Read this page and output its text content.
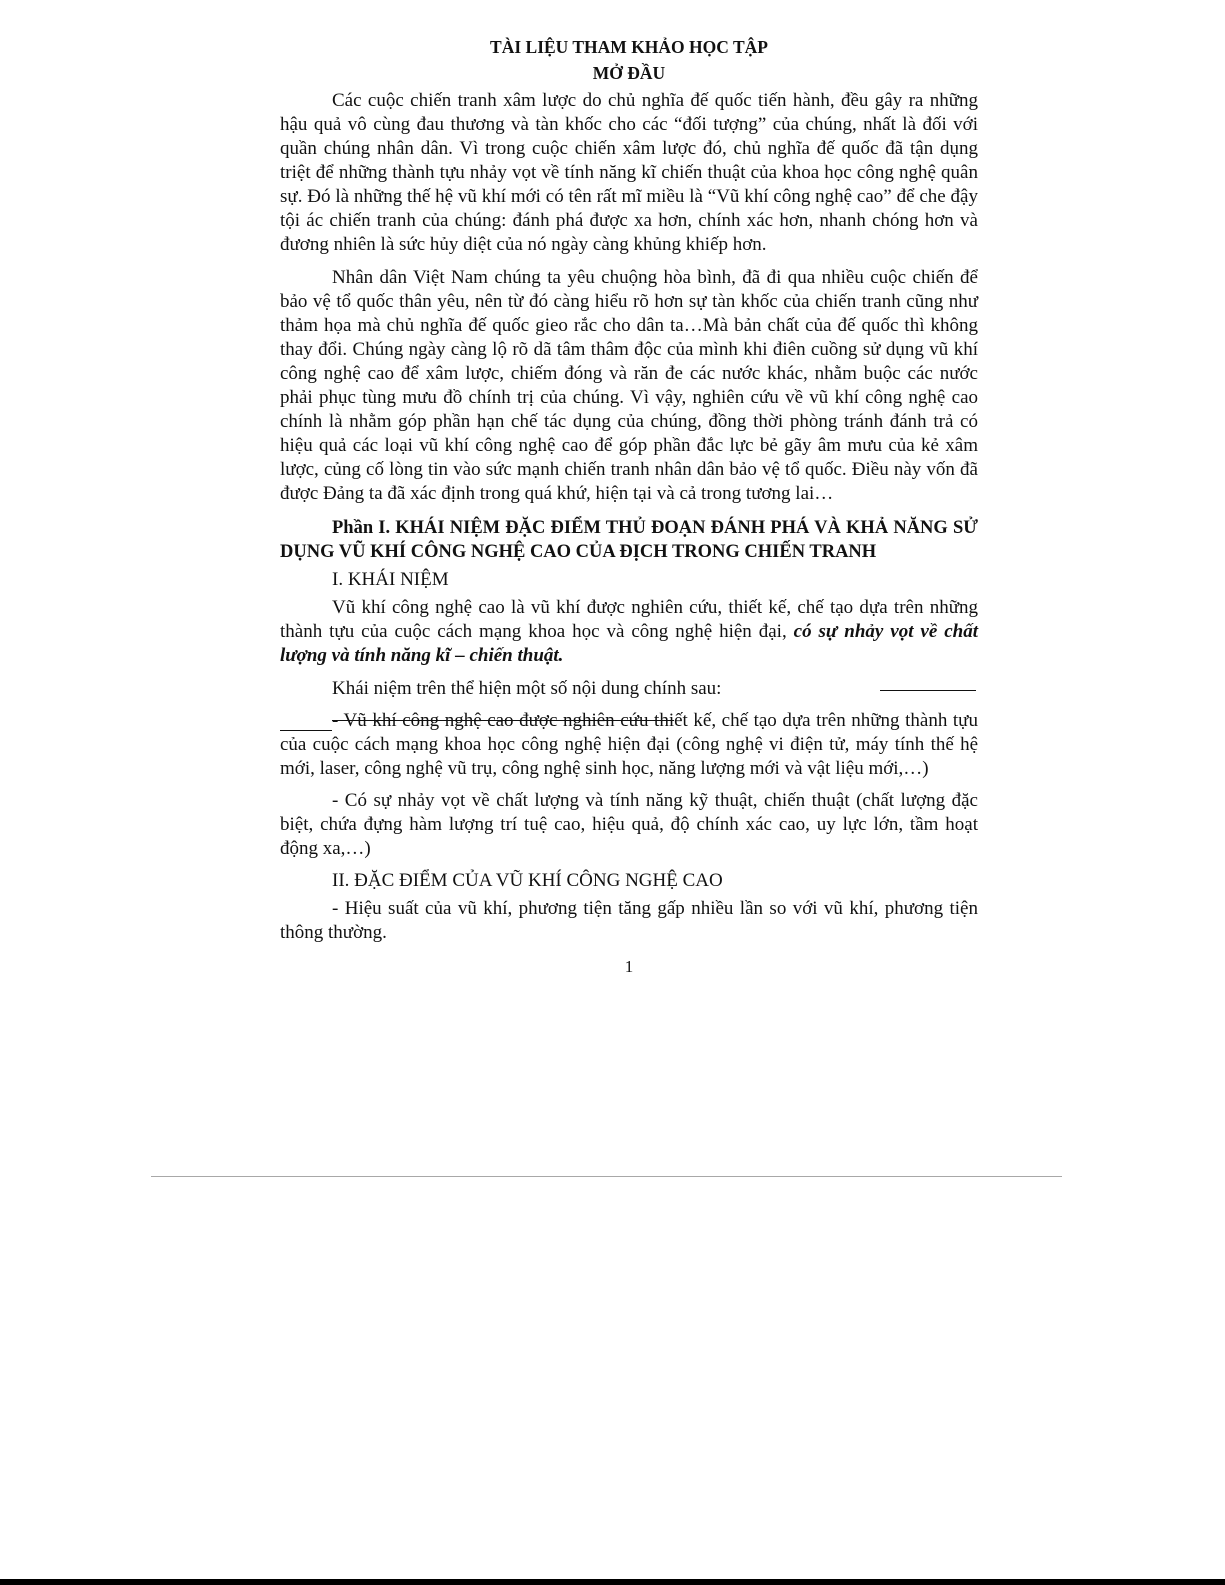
TÀI LIỆU THAM KHẢO HỌC TẬP
MỞ ĐẦU

Các cuộc chiến tranh xâm lược do chủ nghĩa đế quốc tiến hành, đều gây ra những hậu quả vô cùng đau thương và tàn khốc cho các “đối tượng” của chúng, nhất là đối với quần chúng nhân dân. Vì trong cuộc chiến xâm lược đó, chủ nghĩa đế quốc đã tận dụng triệt để những thành tựu nhảy vọt về tính năng kĩ chiến thuật của khoa học công nghệ quân sự. Đó là những thế hệ vũ khí mới có tên rất mĩ miều là “Vũ khí công nghệ cao” để che đậy tội ác chiến tranh của chúng: đánh phá được xa hơn, chính xác hơn, nhanh chóng hơn và đương nhiên là sức hủy diệt của nó ngày càng khủng khiếp hơn.

Nhân dân Việt Nam chúng ta yêu chuộng hòa bình, đã đi qua nhiều cuộc chiến để bảo vệ tổ quốc thân yêu, nên từ đó càng hiểu rõ hơn sự tàn khốc của chiến tranh cũng như thảm họa mà chủ nghĩa đế quốc gieo rắc cho dân ta…Mà bản chất của đế quốc thì không thay đổi. Chúng ngày càng lộ rõ dã tâm thâm độc của mình khi điên cuồng sử dụng vũ khí công nghệ cao để xâm lược, chiếm đóng và răn đe các nước khác, nhằm buộc các nước phải phục tùng mưu đồ chính trị của chúng. Vì vậy, nghiên cứu về vũ khí công nghệ cao chính là nhằm góp phần hạn chế tác dụng của chúng, đồng thời phòng tránh đánh trả có hiệu quả các loại vũ khí công nghệ cao để góp phần đắc lực bẻ gãy âm mưu của kẻ xâm lược, củng cố lòng tin vào sức mạnh chiến tranh nhân dân bảo vệ tổ quốc. Điều này vốn đã được Đảng ta đã xác định trong quá khứ, hiện tại và cả trong tương lai…

Phần I. KHÁI NIỆM ĐẶC ĐIỂM THỦ ĐOẠN ĐÁNH PHÁ VÀ KHẢ NĂNG SỬ DỤNG VŨ KHÍ CÔNG NGHỆ CAO CỦA ĐỊCH TRONG CHIẾN TRANH
I. KHÁI NIỆM

Vũ khí công nghệ cao là vũ khí được nghiên cứu, thiết kế, chế tạo dựa trên những thành tựu của cuộc cách mạng khoa học và công nghệ hiện đại, có sự nhảy vọt về chất lượng và tính năng kĩ – chiến thuật.

Khái niệm trên thể hiện một số nội dung chính sau:

- Vũ khí công nghệ cao được nghiên cứu thiết kế, chế tạo dựa trên những thành tựu của cuộc cách mạng khoa học công nghệ hiện đại (công nghệ vi điện tử, máy tính thế hệ mới, laser, công nghệ vũ trụ, công nghệ sinh học, năng lượng mới và vật liệu mới,…)

- Có sự nhảy vọt về chất lượng và tính năng kỹ thuật, chiến thuật (chất lượng đặc biệt, chứa đựng hàm lượng trí tuệ cao, hiệu quả, độ chính xác cao, uy lực lớn, tầm hoạt động xa,…)

II. ĐẶC ĐIỂM CỦA VŨ KHÍ CÔNG NGHỆ CAO

- Hiệu suất của vũ khí, phương tiện tăng gấp nhiều lần so với vũ khí, phương tiện thông thường.

1
